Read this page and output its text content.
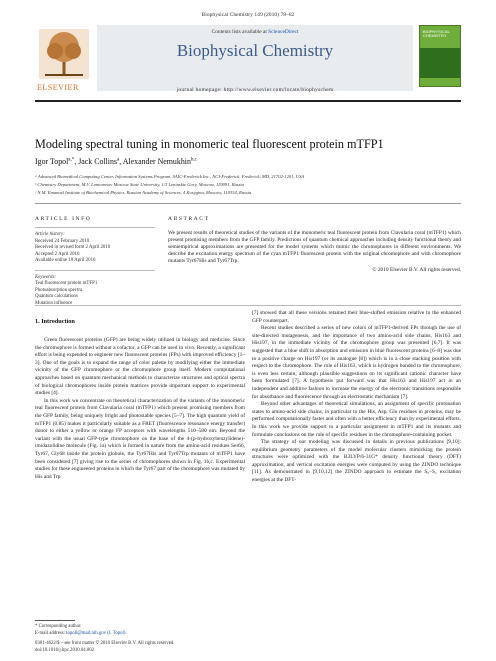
Biophysical Chemistry 149 (2010) 78–82
ELSEVIER
Contents lists available at ScienceDirect
Biophysical Chemistry
journal homepage: http://www.elsevier.com/locate/biophyschem
BIOPHYSICAL CHEMISTRY
Modeling spectral tuning in monomeric teal fluorescent protein mTFP1
Igor Topol$^{a,*}$, Jack Collins$^a$, Alexander Nemukhin$^{b,c}$
ᵃ Advanced Biomedical Computing Center, Information Systems Program, SAIC-Frederick Inc., NCI-Frederick, Frederick, MD, 21702-1201, USA
ᵇ Chemistry Department, M.V. Lomonosov Moscow State University, 1/3 Leninskie Gory, Moscow, 119991, Russia
ᶜ N.M. Emanuel Institute of Biochemical Physics, Russian Academy of Sciences, 4 Kosygina, Moscow, 119334, Russia
ARTICLE INFO
Article history:
Received 24 February 2010
Received in revised form 2 April 2010
Accepted 2 April 2010
Available online 10 April 2010
Keywords:
Teal fluorescent protein mTFP1
Photoabsorption spectra
Quantum calculations
Mutation influence
ABSTRACT
We present results of theoretical studies of the variants of the monomeric teal fluorescent protein from Clavularia coral (mTFP1) which present promising members from the GFP family. Predictions of quantum chemical approaches including density functional theory and semiempirical approximations are presented for the model systems which mimic the chromophores in different environments. We describe the excitation energy spectrum of the cyan mTFP1 fluorescent protein with the original chromophore and with chromophore mutants Tyr67His and Tyr67Trp.
© 2010 Elsevier B.V. All rights reserved.
1. Introduction

Green fluorescent proteins (GFP) are being widely utilized in biology and medicine. Since the chromophore is formed without a cofactor, a GFP can be used in vivo. Recently, a significant effort is being expended to engineer new fluorescent proteins (FPs) with improved efficiency [1–3]. One of the goals is to expand the range of color palette by modifying either the immediate vicinity of the GFP chromophore or the chromophore group itself. Modern computational approaches based on quantum mechanical methods to characterize structures and optical spectra of biological chromophores inside protein matrices provide important support to experimental studies [4].

In this work we concentrate on theoretical characterization of the variants of the monomeric teal fluorescent protein from Clavularia coral (mTFP1) which present promising members from the GFP family, being uniquely bright and photostable species [5–7]. The high quantum yield of mTFP1 (0.85) makes it particularly suitable as a FRET (fluorescence resonance energy transfer) donor to either a yellow or orange FP acceptors with wavelengths 510–580 nm. Beyond the variant with the usual GFP-type chromophore on the base of the 4-(p-hydroxybenzylidene)-imidazolidine molecule (Fig. 1a) which is formed in nature from the amino-acid residues Ser66, Tyr67, Gly68 inside the protein globule, the Tyr67His and Tyr67Trp mutants of mTFP1 have been considered [7] giving rise to the series of chromophores shown in Fig. 1b,c. Experimental studies for these engineered proteins in which the Tyr67 part of the chromophore was mutated by His and Trp

[7] showed that all these versions retained their blue-shifted emission relative to the enhanced GFP counterpart.

Recent studies described a series of new colors of mTFP1-derived FPs through the use of site-directed mutagenesis, and the importance of two amino-acid side chains, His163 and His197, in the immediate vicinity of the chromophore group was presented [6,7]. It was suggested that a blue shift in absorption and emission in blue fluorescent proteins [6–8] was due to a positive charge on His197 (or its analogue [8]) which is in a close stacking position with respect to the chromophore. The role of His163, which is hydrogen bonded to the chromophore, is even less certain, although plausible suggestions on its significant cationic character have been formulated [7]. A hypothesis put forward was that His163 and His197 act in an independent and additive fashion to increase the energy of the electronic transitions responsible for absorbance and fluorescence through an electrostatic mechanism [7].

Beyond other advantages of theoretical simulations, an assignment of specific protonation states to amino-acid side chains, in particular to the His, Asp, Glu residues in proteins, may be performed computationally faster and often with a better efficiency than by experimental efforts. In this work we provide support to a particular assignment in mTFP1 and its mutants and formulate conclusions on the role of specific residues in the chromophore-containing pocket.

The strategy of our modeling was discussed in details in previous publications [9,10]: equilibrium geometry parameters of the model molecular clusters mimicking the protein structures were optimized with the B3LYP/6-31G* density functional theory (DFT) approximation, and vertical excitation energies were computed by using the ZINDO technique [11]. As demonstrated in [9,10,12] the ZINDO approach to estimate the S₀–S₁ excitation energies at the DFT-

* Corresponding author.
E-mail address: topoli@mail.nih.gov (I. Topol).
0301-4622/$ – see front matter © 2010 Elsevier B.V. All rights reserved.
doi:10.1016/j.bpc.2010.04.002
